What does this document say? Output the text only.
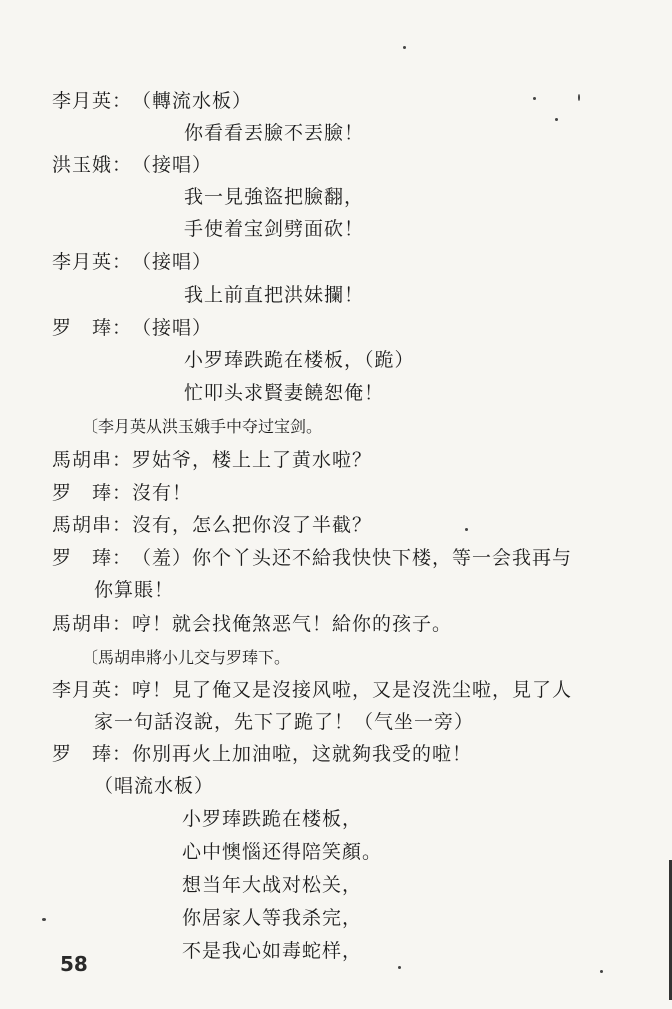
李月英：（轉流水板）
你看看丟臉不丟臉！
洪玉娥：（接唱）
我一見強盜把臉翻，
手使着宝剑劈面砍！
李月英：（接唱）
我上前直把洪妹攔！
罗　琫：（接唱）
小罗琫跌跪在楼板，（跪）
忙叩头求賢妻饒恕俺！
〔李月英从洪玉娥手中夺过宝剑。
馬胡串：罗姑爷，楼上上了黄水啦？
罗　琫：沒有！
馬胡串：沒有，怎么把你沒了半截？
罗　琫：（羞）你个丫头还不給我快快下楼，等一会我再与
你算賬！
馬胡串：哼！就会找俺煞恶气！給你的孩子。
〔馬胡串將小儿交与罗琫下。
李月英：哼！見了俺又是沒接风啦，又是沒洗尘啦，見了人
家一句話沒說，先下了跪了！（气坐一旁）
罗　琫：你別再火上加油啦，这就夠我受的啦！
（唱流水板）
小罗琫跌跪在楼板，
心中懊惱还得陪笑顏。
想当年大战对松关，
你居家人等我杀完，
不是我心如毒蛇样，
58
